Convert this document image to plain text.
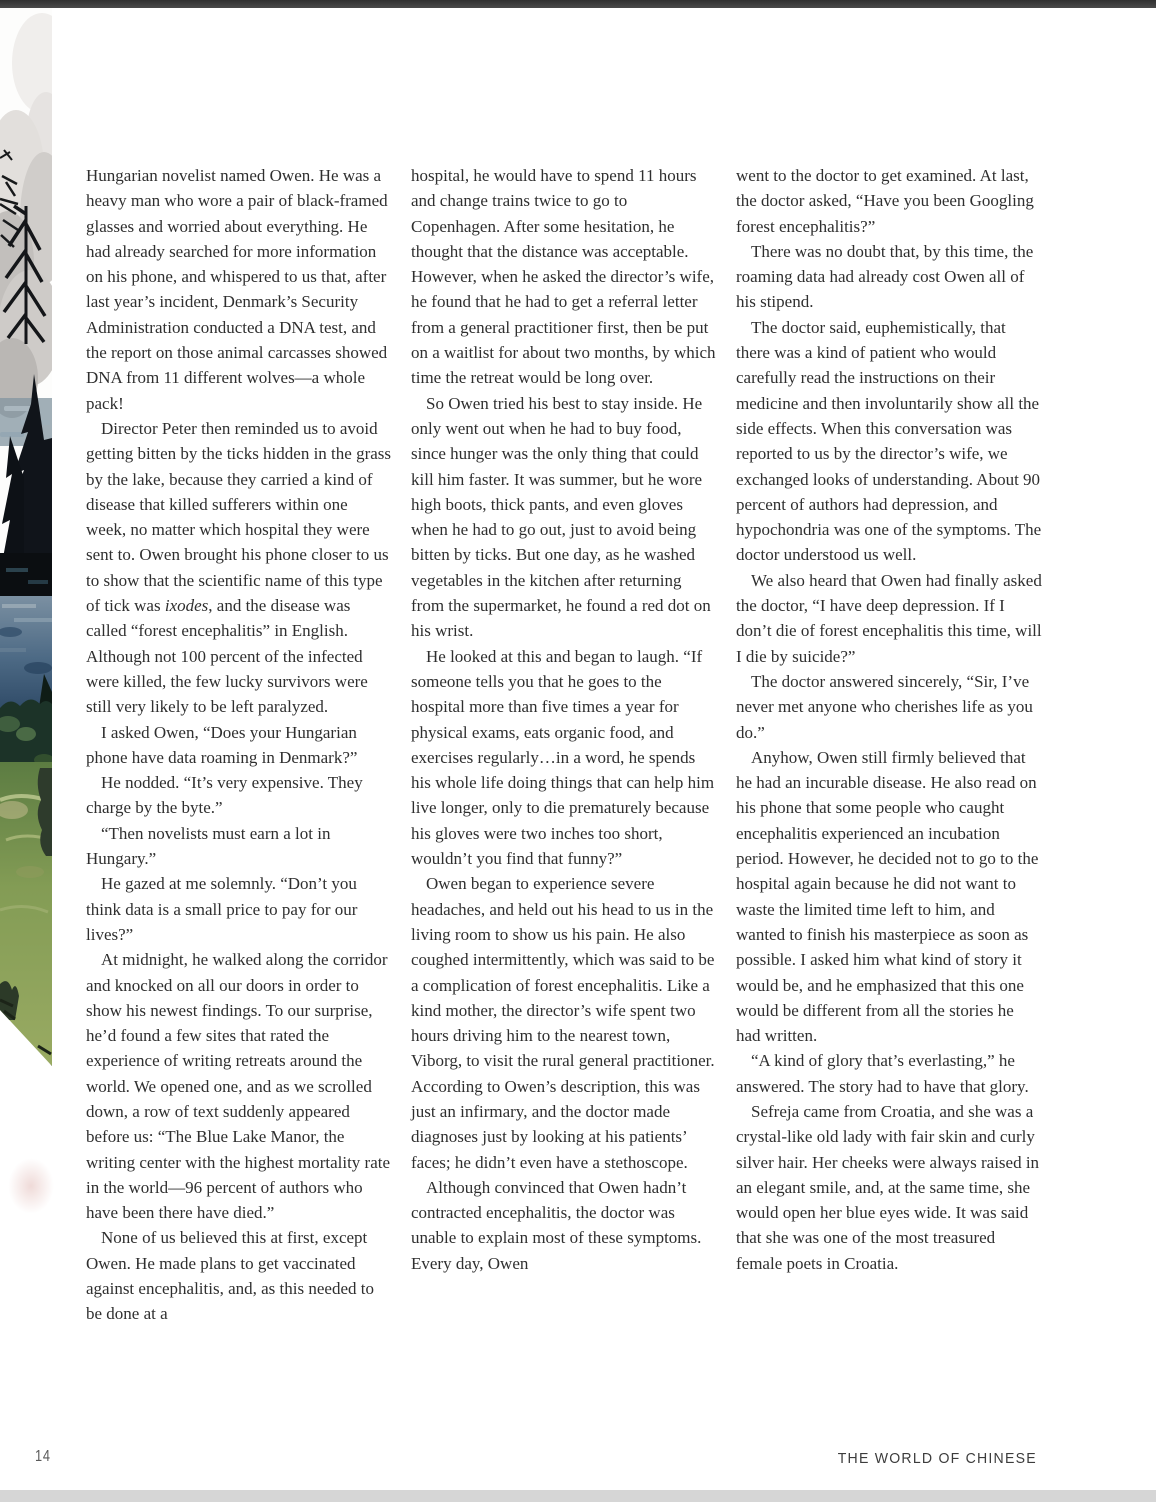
Hungarian novelist named Owen. He was a heavy man who wore a pair of black-framed glasses and worried about everything. He had already searched for more information on his phone, and whispered to us that, after last year’s incident, Denmark’s Security Administration conducted a DNA test, and the report on those animal carcasses showed DNA from 11 different wolves—a whole pack!

Director Peter then reminded us to avoid getting bitten by the ticks hidden in the grass by the lake, because they carried a kind of disease that killed sufferers within one week, no matter which hospital they were sent to. Owen brought his phone closer to us to show that the scientific name of this type of tick was ixodes, and the disease was called “forest encephalitis” in English. Although not 100 percent of the infected were killed, the few lucky survivors were still very likely to be left paralyzed.

I asked Owen, “Does your Hungarian phone have data roaming in Denmark?”

He nodded. “It’s very expensive. They charge by the byte.”

“Then novelists must earn a lot in Hungary.”

He gazed at me solemnly. “Don’t you think data is a small price to pay for our lives?”

At midnight, he walked along the corridor and knocked on all our doors in order to show his newest findings. To our surprise, he’d found a few sites that rated the experience of writing retreats around the world. We opened one, and as we scrolled down, a row of text suddenly appeared before us: “The Blue Lake Manor, the writing center with the highest mortality rate in the world—96 percent of authors who have been there have died.”

None of us believed this at first, except Owen. He made plans to get vaccinated against encephalitis, and, as this needed to be done at a

hospital, he would have to spend 11 hours and change trains twice to go to Copenhagen. After some hesitation, he thought that the distance was acceptable. However, when he asked the director’s wife, he found that he had to get a referral letter from a general practitioner first, then be put on a waitlist for about two months, by which time the retreat would be long over.

So Owen tried his best to stay inside. He only went out when he had to buy food, since hunger was the only thing that could kill him faster. It was summer, but he wore high boots, thick pants, and even gloves when he had to go out, just to avoid being bitten by ticks. But one day, as he washed vegetables in the kitchen after returning from the supermarket, he found a red dot on his wrist.

He looked at this and began to laugh. “If someone tells you that he goes to the hospital more than five times a year for physical exams, eats organic food, and exercises regularly…in a word, he spends his whole life doing things that can help him live longer, only to die prematurely because his gloves were two inches too short, wouldn’t you find that funny?”

Owen began to experience severe headaches, and held out his head to us in the living room to show us his pain. He also coughed intermittently, which was said to be a complication of forest encephalitis. Like a kind mother, the director’s wife spent two hours driving him to the nearest town, Viborg, to visit the rural general practitioner. According to Owen’s description, this was just an infirmary, and the doctor made diagnoses just by looking at his patients’ faces; he didn’t even have a stethoscope.

Although convinced that Owen hadn’t contracted encephalitis, the doctor was unable to explain most of these symptoms. Every day, Owen

went to the doctor to get examined. At last, the doctor asked, “Have you been Googling forest encephalitis?”

There was no doubt that, by this time, the roaming data had already cost Owen all of his stipend.

The doctor said, euphemistically, that there was a kind of patient who would carefully read the instructions on their medicine and then involuntarily show all the side effects. When this conversation was reported to us by the director’s wife, we exchanged looks of understanding. About 90 percent of authors had depression, and hypochondria was one of the symptoms. The doctor understood us well.

We also heard that Owen had finally asked the doctor, “I have deep depression. If I don’t die of forest encephalitis this time, will I die by suicide?”

The doctor answered sincerely, “Sir, I’ve never met anyone who cherishes life as you do.”

Anyhow, Owen still firmly believed that he had an incurable disease. He also read on his phone that some people who caught encephalitis experienced an incubation period. However, he decided not to go to the hospital again because he did not want to waste the limited time left to him, and wanted to finish his masterpiece as soon as possible. I asked him what kind of story it would be, and he emphasized that this one would be different from all the stories he had written.

“A kind of glory that’s everlasting,” he answered. The story had to have that glory.

Sefreja came from Croatia, and she was a crystal-like old lady with fair skin and curly silver hair. Her cheeks were always raised in an elegant smile, and, at the same time, she would open her blue eyes wide. It was said that she was one of the most treasured female poets in Croatia.

14	THE WORLD OF CHINESE
